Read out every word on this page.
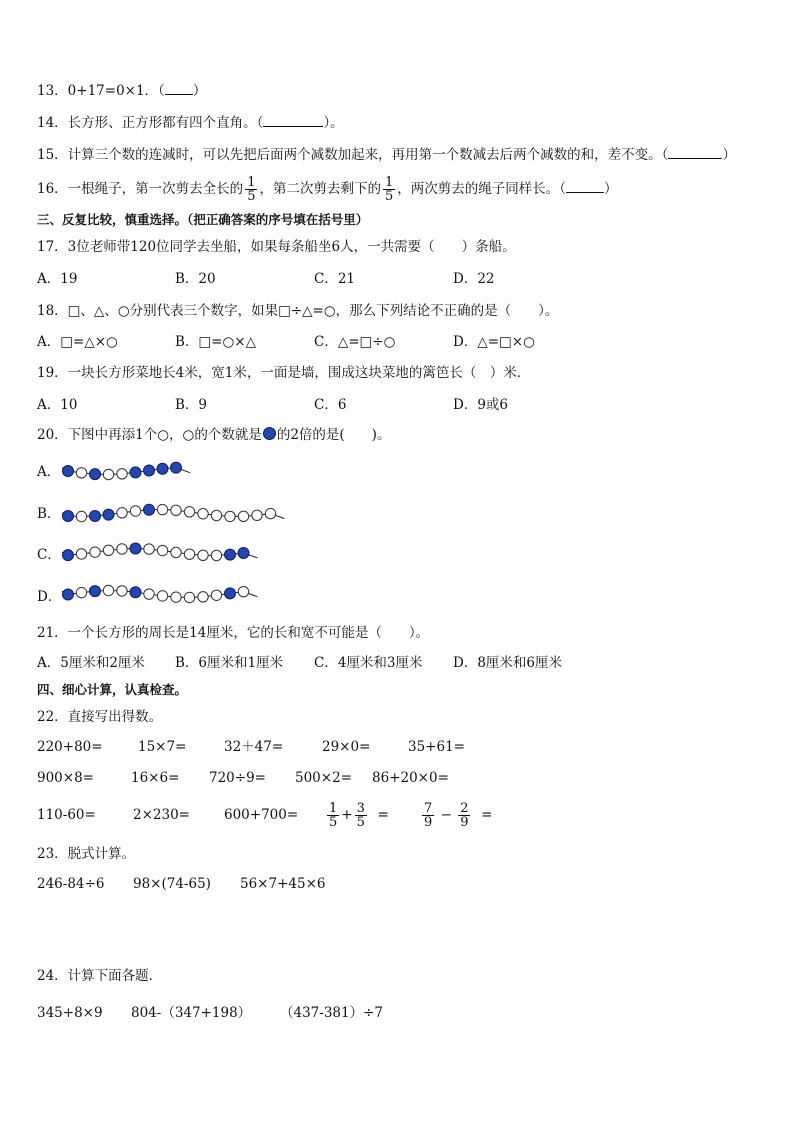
13．0+17=0×1．（ ）
14．长方形、正方形都有四个直角。（	）。
15．计算三个数的连减时，可以先把后面两个减数加起来，再用第一个数减去后两个减数的和，差不变。（	）
16．一根绳子，第一次剪去全长的 $\frac{1}{5}$ ，第二次剪去剩下的 $\frac{1}{5}$ ，两次剪去的绳子同样长。（	）
三、反复比较，慎重选择。（把正确答案的序号填在括号里）
17．3位老师带120位同学去坐船，如果每条船坐6人，一共需要（　　）条船。
A．19	B．20	C．21	D．22
18．□、△、○分别代表三个数字，如果□÷△=○，那么下列结论不正确的是（　　）。
A．□=△×○	B．□=○×△	C．△=□÷○	D．△=□×○
19．一块长方形菜地长4米，宽1米，一面是墙，围成这块菜地的篱笆长（　）米．
A．10	B．9	C．6	D．9或6
20．下图中再添1个○，○的个数就是 的2倍的是(　　)。
A．
B．
C．
D．
21．一个长方形的周长是14厘米，它的长和宽不可能是（　　）。
A．5厘米和2厘米 B．6厘米和1厘米 C．4厘米和3厘米 D．8厘米和6厘米
四、细心计算，认真检查。
22．直接写出得数。
220+80=	15×7=	32＋47=	29×0=	35+61=
900×8=	16×6= 720÷9= 500×2= 86+20×0=
110-60=	2×230=	$600+700= \frac{1}{5} + \frac{3}{5}$ =	$\frac{7}{9} - \frac{2}{9}$ =
23．脱式计算。
246-84÷6 98×(74-65) 56×7+45×6
24．计算下面各题．
345+8×9 804-（347+198） （437-381）÷7
